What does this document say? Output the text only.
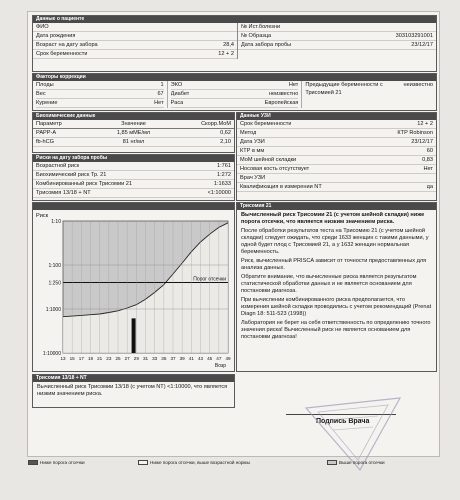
Данные о пациенте
ФИО
Дата рождения
Возраст на дату забора	28,4
Срок беременности	12 + 2
№ Ист.болезни
№ Образца	303103291001
Дата забора пробы	23/12/17
Факторы коррекции
Плоды	1
Вес	67
Курение	Нет
ЭКО	Нет
Диабет	неизвестно
Раса	Европейская
Предыдущие беременности с Трисомией 21
неизвестно
Биохимические данные
Параметр	Значение	Скорр.МоМ
PAPP-A	1,85 мМЕ/мл	0,62
fb-hCG	81 нг/мл	2,10
Риски на дату забора пробы
Возрастной риск	1:761
Биохимический риск Тр. 21	1:272
Комбинированный риск Трисомии 21	1:1633
Трисомия 13/18 + NT	<1:10000
Данные УЗИ
Срок беременности	12 + 2
Метод	КТР Robinson
Дата УЗИ	23/12/17
КТР в мм	60
МоМ шейной складки	0,83
Носовая кость отсутствует	Нет
Врач УЗИ
Квалификация в измерении NT	да
Риск
1:10
1:100
1:250
1:1000
1:10000
Порог отсечки
13 15 17 19 21 23 25 27 29 31 33 35 37 39 41 43 45 47 49
Возр
Трисомия 21
Вычисленный риск Трисомии 21 (с учетом шейной складки) ниже порога отсечки, что является низким значением риска.
После обработки результатов теста на Трисомию 21 (с учетом шейной складки) следует ожидать, что среди 1633 женщин с такими данными, у одной будет плод с Трисомией 21, а у 1632 женщин нормальная беременность.
Риск, вычисленный PRISCA зависит от точности предоставленных для анализа данных.
Обратите внимание, что вычисленные риска является результатом статистической обработки данных и не является основанием для постановки диагноза.
При вычислении комбинированного риска предполагается, что измерения шейной складки проводились с учетом рекомендаций (Prenat Diagn 18: 511-523 (1998))
Лаборатория не берет на себя ответственность по определению точного значения риска! Вычисленный риск не является основанием для постановки диагноза!
Трисомия 13/18 + NT
Вычисленный риск Трисомии 13/18 (с учетом NT) <1:10000, что является низким значением риска.
Подпись Врача
Ниже порога отсечки	Ниже порога отсечки, выше возрастной нормы	Выше порога отсечки
